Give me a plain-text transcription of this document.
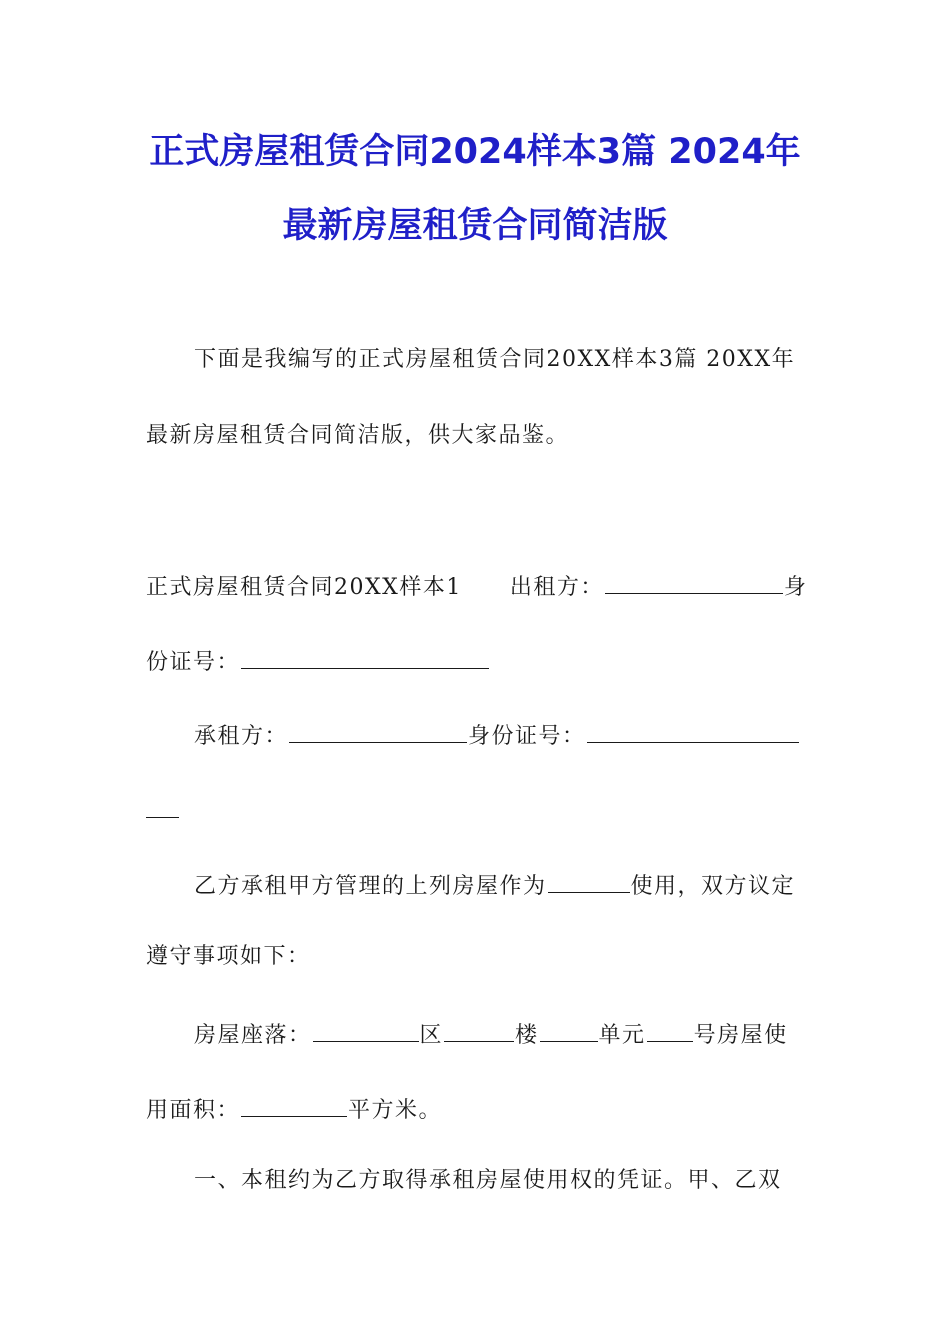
正式房屋租赁合同2024样本3篇 2024年
最新房屋租赁合同简洁版
下面是我编写的正式房屋租赁合同20XX样本3篇 20XX年
最新房屋租赁合同简洁版，供大家品鉴。
正式房屋租赁合同20XX样本1 出租方：	身
份证号：
承租方：	身份证号：
乙方承租甲方管理的上列房屋作为	使用，双方议定
遵守事项如下：
房屋座落：	区	楼	单元 号房屋使
用面积：	平方米。
一、本租约为乙方取得承租房屋使用权的凭证。甲、乙双
